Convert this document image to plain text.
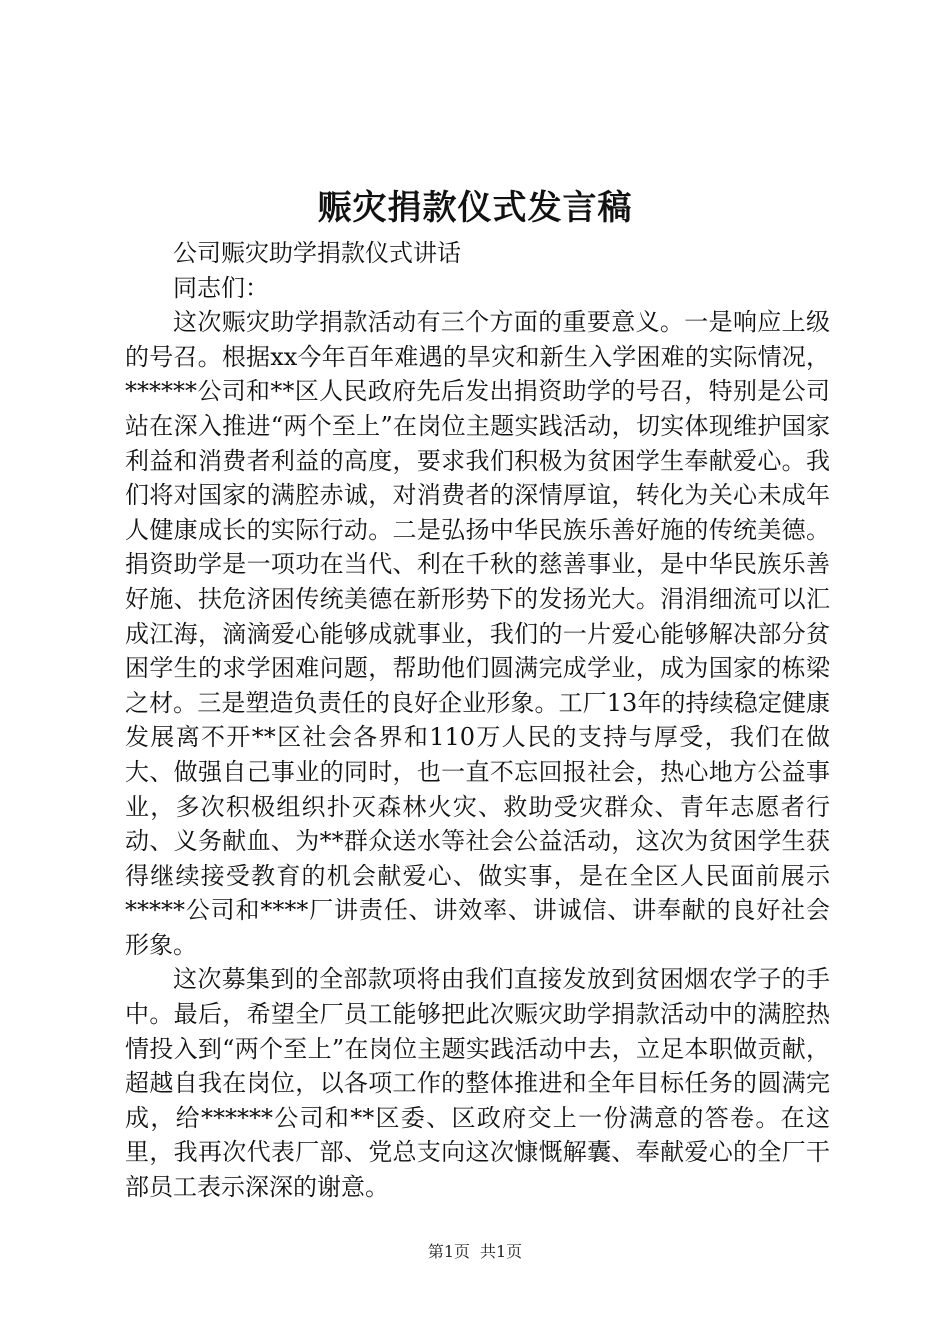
赈灾捐款仪式发言稿

公司赈灾助学捐款仪式讲话

同志们：

这次赈灾助学捐款活动有三个方面的重要意义。一是响应上级的号召。根据xx今年百年难遇的旱灾和新生入学困难的实际情况，******公司和**区人民政府先后发出捐资助学的号召，特别是公司站在深入推进“两个至上”在岗位主题实践活动，切实体现维护国家利益和消费者利益的高度，要求我们积极为贫困学生奉献爱心。我们将对国家的满腔赤诚，对消费者的深情厚谊，转化为关心未成年人健康成长的实际行动。二是弘扬中华民族乐善好施的传统美德。捐资助学是一项功在当代、利在千秋的慈善事业，是中华民族乐善好施、扶危济困传统美德在新形势下的发扬光大。涓涓细流可以汇成江海，滴滴爱心能够成就事业，我们的一片爱心能够解决部分贫困学生的求学困难问题，帮助他们圆满完成学业，成为国家的栋梁之材。三是塑造负责任的良好企业形象。工厂13年的持续稳定健康发展离不开**区社会各界和110万人民的支持与厚受，我们在做大、做强自己事业的同时，也一直不忘回报社会，热心地方公益事业，多次积极组织扑灭森林火灾、救助受灾群众、青年志愿者行动、义务献血、为**群众送水等社会公益活动，这次为贫困学生获得继续接受教育的机会献爱心、做实事，是在全区人民面前展示*****公司和****厂讲责任、讲效率、讲诚信、讲奉献的良好社会形象。

这次募集到的全部款项将由我们直接发放到贫困烟农学子的手中。最后，希望全厂员工能够把此次赈灾助学捐款活动中的满腔热情投入到“两个至上”在岗位主题实践活动中去，立足本职做贡献，超越自我在岗位，以各项工作的整体推进和全年目标任务的圆满完成，给******公司和**区委、区政府交上一份满意的答卷。在这里，我再次代表厂部、党总支向这次慷慨解囊、奉献爱心的全厂干部员工表示深深的谢意。

第1页 共1页
